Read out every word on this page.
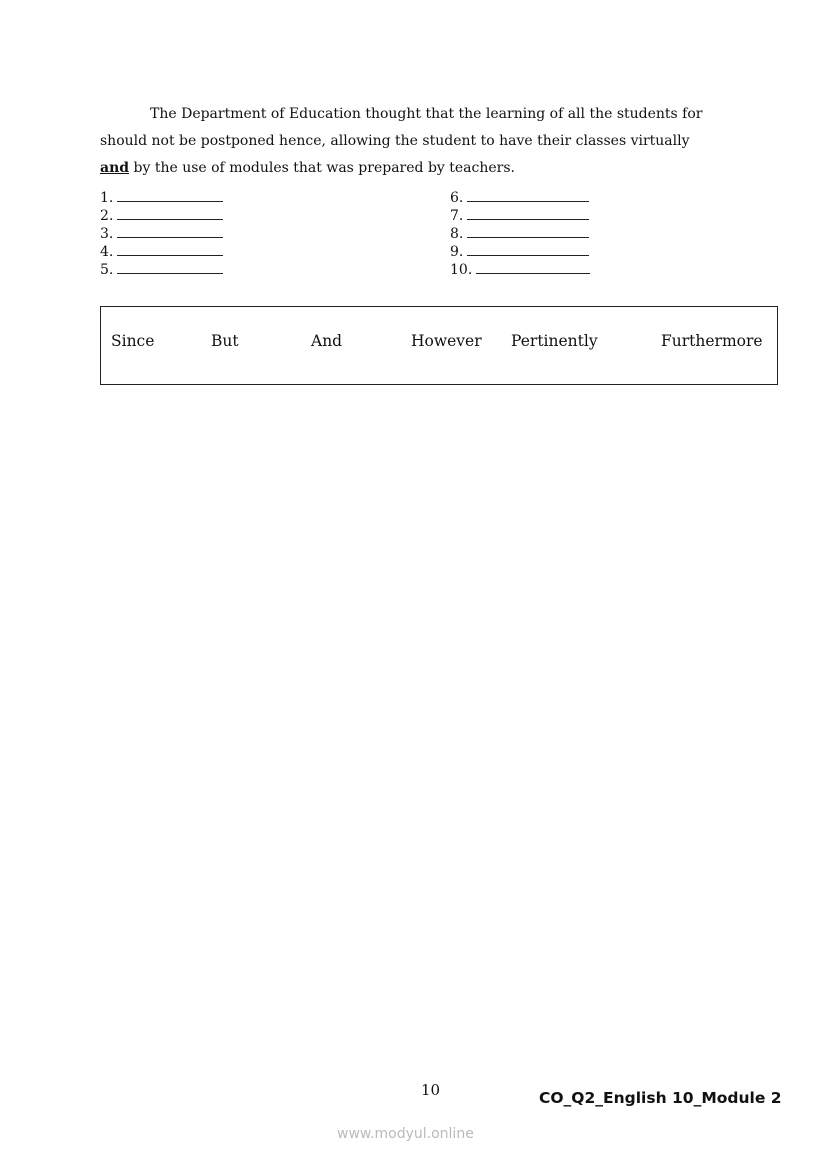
The Department of Education thought that the learning of all the students for
should not be postponed hence, allowing the student to have their classes virtually
and by the use of modules that was prepared by teachers.
1.
2.
3.
4.
5.
6.
7.
8.
9.
10.
Since	But	And	However Pertinently	Furthermore
10	CO_Q2_English 10_Module 2
www.modyul.online
